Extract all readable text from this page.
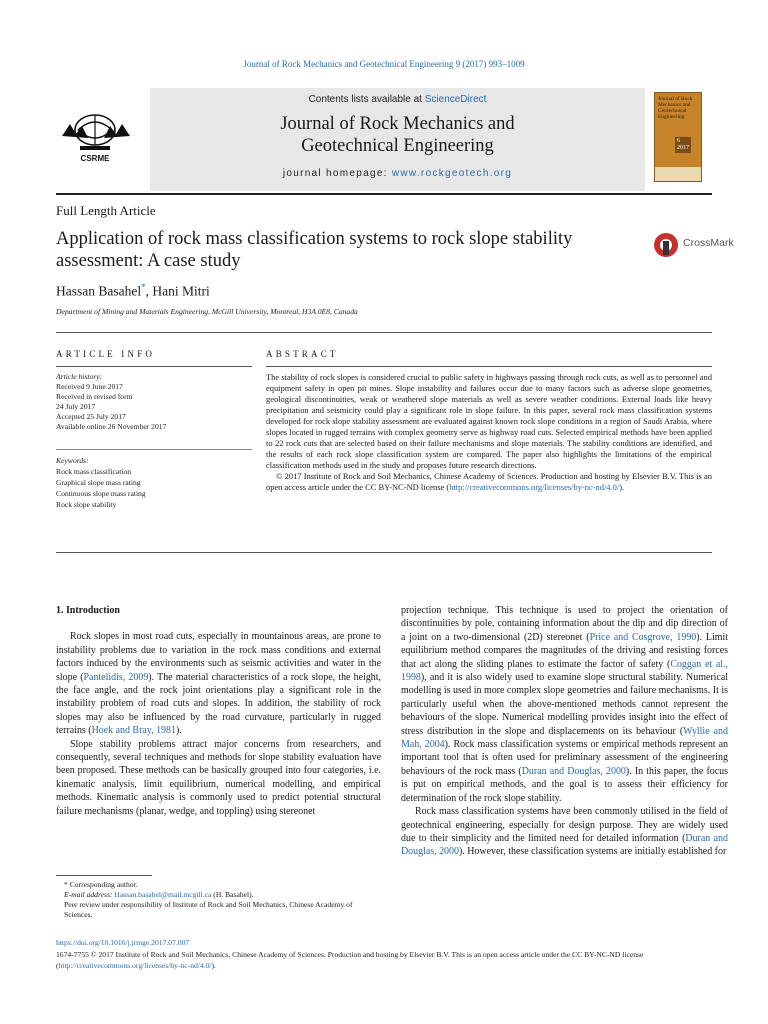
Journal of Rock Mechanics and Geotechnical Engineering 9 (2017) 993–1009
Contents lists available at ScienceDirect
Journal of Rock Mechanics and
Geotechnical Engineering
journal homepage: www.rockgeotech.org
CSRME
Journal of Rock Mechanics and Geotechnical Engineering
6
2017
Full Length Article
Application of rock mass classification systems to rock slope stability
assessment: A case study
CrossMark
Hassan Basahel*, Hani Mitri
Department of Mining and Materials Engineering, McGill University, Montreal, H3A 0E8, Canada
ARTICLE INFO	ABSTRACT
Article history:
Received 9 June 2017
Received in revised form
24 July 2017
Accepted 25 July 2017
Available online 26 November 2017
Keywords:
Rock mass classification
Graphical slope mass rating
Continuous slope mass rating
Rock slope stability

The stability of rock slopes is considered crucial to public safety in highways passing through rock cuts, as well as to personnel and equipment safety in open pit mines. Slope instability and failures occur due to many factors such as adverse slope geometries, geological discontinuities, weak or weathered slope materials as well as severe weather conditions. External loads like heavy precipitation and seismicity could play a significant role in slope failure. In this paper, several rock mass classification systems developed for rock slope stability assessment are evaluated against known rock slope conditions in a region of Saudi Arabia, where slopes located in rugged terrains with complex geometry serve as highway road cuts. Selected empirical methods have been applied to 22 rock cuts that are selected based on their failure mechanisms and slope materials. The stability conditions are identified, and the results of each rock slope classification system are compared. The paper also highlights the limitations of the empirical classification methods used in the study and proposes future research directions.

© 2017 Institute of Rock and Soil Mechanics, Chinese Academy of Sciences. Production and hosting by Elsevier B.V. This is an open access article under the CC BY-NC-ND license (http://creativecommons.org/licenses/by-nc-nd/4.0/).

1. Introduction

Rock slopes in most road cuts, especially in mountainous areas, are prone to instability problems due to variation in the rock mass conditions and external factors induced by the environments such as seismic activities and water in the slope (Pantelidis, 2009). The material characteristics of a rock slope, the height, the face angle, and the rock joint orientations play a significant role in the instability problem of road cuts and slopes. In addition, the stability of rock slopes may also be influenced by the road curvature, particularly in rugged terrains (Hoek and Bray, 1981).

Slope stability problems attract major concerns from researchers, and consequently, several techniques and methods for slope stability evaluation have been proposed. These methods can be basically grouped into four categories, i.e. kinematic analysis, limit equilibrium, numerical modelling, and empirical methods. Kinematic analysis is commonly used to predict potential structural failure mechanisms (planar, wedge, and toppling) using stereonet

projection technique. This technique is used to project the orientation of discontinuities by pole, containing information about the dip and dip direction of a joint on a two-dimensional (2D) stereonet (Price and Cosgrove, 1990). Limit equilibrium method compares the magnitudes of the driving and resisting forces that act along the sliding planes to estimate the factor of safety (Coggan et al., 1998), and it is also widely used to examine slope structural stability. Numerical modelling is used in more complex slope geometries and failure mechanisms. It is particularly useful when the above-mentioned methods cannot represent the behaviours of the slope. Numerical modelling provides insight into the effect of stress distribution in the slope and displacements on its behaviour (Wyllie and Mah, 2004). Rock mass classification systems or empirical methods represent an important tool that is often used for preliminary assessment of the engineering behaviours of the rock mass (Duran and Douglas, 2000). In this paper, the focus is put on empirical methods, and the goal is to assess their efficiency for determination of the rock slope stability.

Rock mass classification systems have been commonly utilised in the field of geotechnical engineering, especially for design purpose. They are widely used due to their simplicity and the limited need for detailed information (Duran and Douglas, 2000). However, these classification systems are initially established for

* Corresponding author.

E-mail address: Hassan.basahel@mail.mcgill.ca (H. Basahel).

Peer review under responsibility of Institute of Rock and Soil Mechanics, Chinese Academy of Sciences.

https://doi.org/10.1016/j.jrmge.2017.07.007
1674-7755 © 2017 Institute of Rock and Soil Mechanics, Chinese Academy of Sciences. Production and hosting by Elsevier B.V. This is an open access article under the CC BY-NC-ND license (http://creativecommons.org/licenses/by-nc-nd/4.0/).
